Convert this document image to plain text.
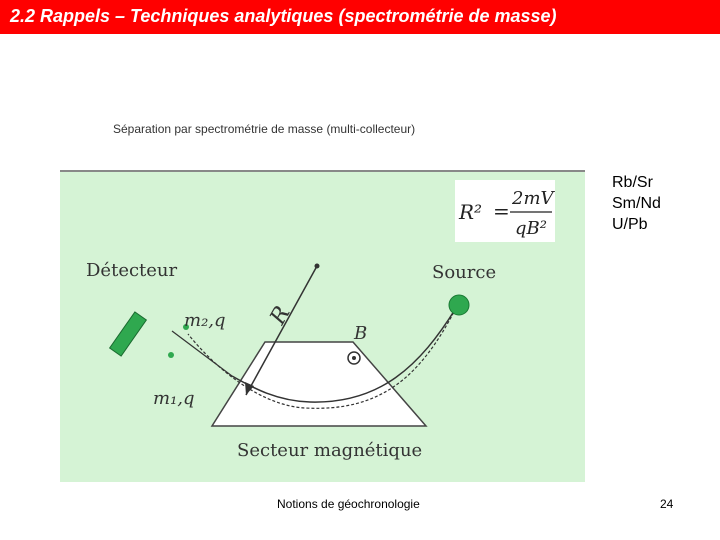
2.2 Rappels – Techniques analytiques (spectrométrie de masse)
Séparation par spectrométrie de masse (multi-collecteur)
R
B
m₂,q
m₁,q
Détecteur	Source
Secteur magnétique
R² =
2mV
qB²
Rb/Sr
Sm/Nd
U/Pb
Notions de géochronologie	24
